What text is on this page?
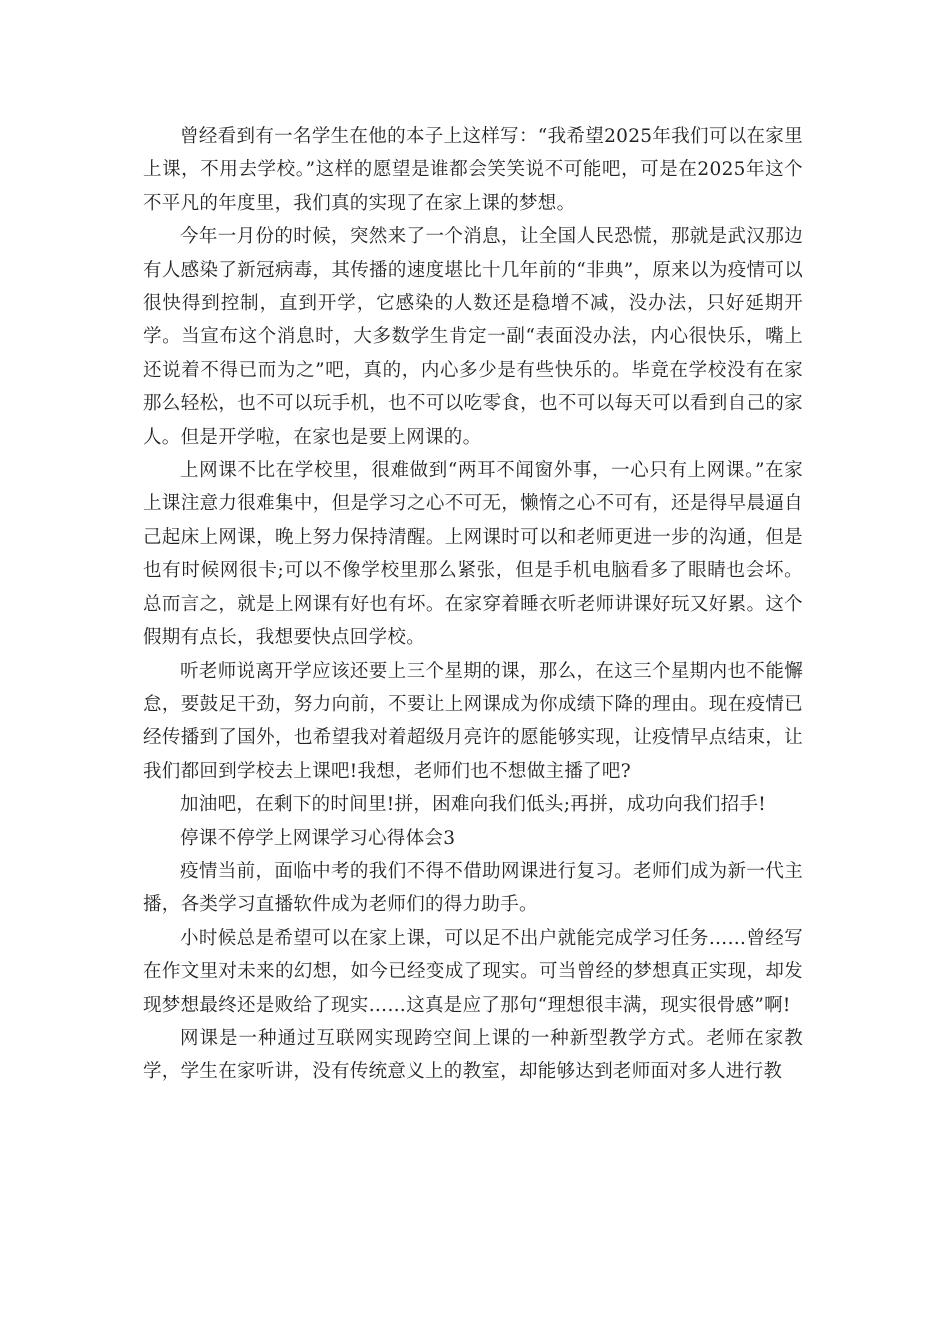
曾经看到有一名学生在他的本子上这样写：“我希望2025年我们可以在家里上课，不用去学校。”这样的愿望是谁都会笑笑说不可能吧，可是在2025年这个不平凡的年度里，我们真的实现了在家上课的梦想。

今年一月份的时候，突然来了一个消息，让全国人民恐慌，那就是武汉那边有人感染了新冠病毒，其传播的速度堪比十几年前的“非典”，原来以为疫情可以很快得到控制，直到开学，它感染的人数还是稳增不减，没办法，只好延期开学。当宣布这个消息时，大多数学生肯定一副“表面没办法，内心很快乐，嘴上还说着不得已而为之”吧，真的，内心多少是有些快乐的。毕竟在学校没有在家那么轻松，也不可以玩手机，也不可以吃零食，也不可以每天可以看到自己的家人。但是开学啦，在家也是要上网课的。

上网课不比在学校里，很难做到“两耳不闻窗外事，一心只有上网课。”在家上课注意力很难集中，但是学习之心不可无，懒惰之心不可有，还是得早晨逼自己起床上网课，晚上努力保持清醒。上网课时可以和老师更进一步的沟通，但是也有时候网很卡;可以不像学校里那么紧张，但是手机电脑看多了眼睛也会坏。总而言之，就是上网课有好也有坏。在家穿着睡衣听老师讲课好玩又好累。这个假期有点长，我想要快点回学校。

听老师说离开学应该还要上三个星期的课，那么，在这三个星期内也不能懈怠，要鼓足干劲，努力向前，不要让上网课成为你成绩下降的理由。现在疫情已经传播到了国外，也希望我对着超级月亮许的愿能够实现，让疫情早点结束，让我们都回到学校去上课吧!我想，老师们也不想做主播了吧?

加油吧，在剩下的时间里!拼，困难向我们低头;再拼，成功向我们招手!

停课不停学上网课学习心得体会3

疫情当前，面临中考的我们不得不借助网课进行复习。老师们成为新一代主播，各类学习直播软件成为老师们的得力助手。

小时候总是希望可以在家上课，可以足不出户就能完成学习任务……曾经写在作文里对未来的幻想，如今已经变成了现实。可当曾经的梦想真正实现，却发现梦想最终还是败给了现实……这真是应了那句“理想很丰满，现实很骨感”啊!

网课是一种通过互联网实现跨空间上课的一种新型教学方式。老师在家教学，学生在家听讲，没有传统意义上的教室，却能够达到老师面对多人进行教
